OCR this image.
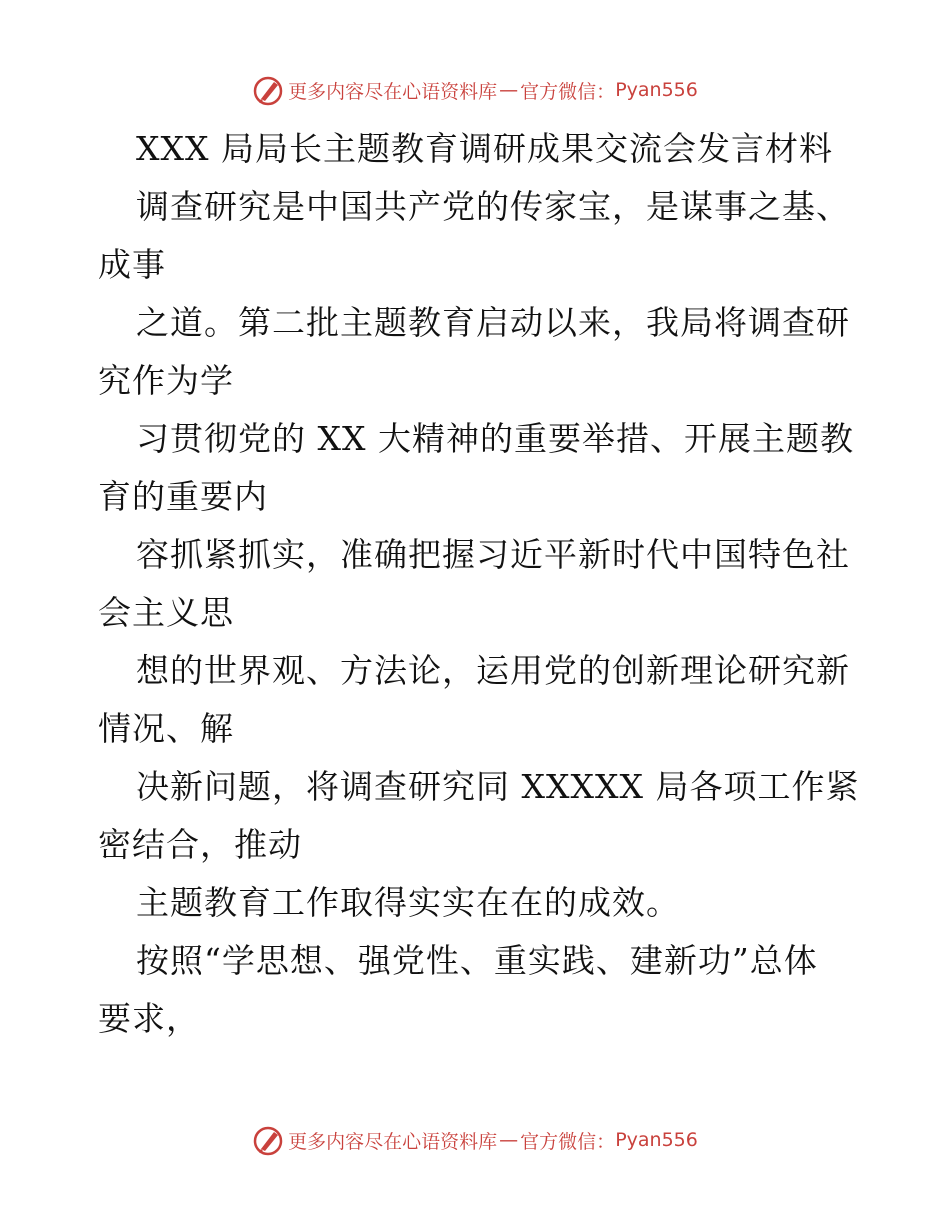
更多内容尽在心语资料库 — 官方微信： Pyan556
XXX 局局长主题教育调研成果交流会发言材料
调查研究是中国共产党的传家宝，是谋事之基、
成事
之道。第二批主题教育启动以来，我局将调查研
究作为学
习贯彻党的 XX 大精神的重要举措、开展主题教
育的重要内
容抓紧抓实，准确把握习近平新时代中国特色社
会主义思
想的世界观、方法论，运用党的创新理论研究新
情况、解
决新问题，将调查研究同 XXXXX 局各项工作紧
密结合，推动
主题教育工作取得实实在在的成效。
按照“学思想、强党性、重实践、建新功”总体
要求，
更多内容尽在心语资料库 — 官方微信： Pyan556
